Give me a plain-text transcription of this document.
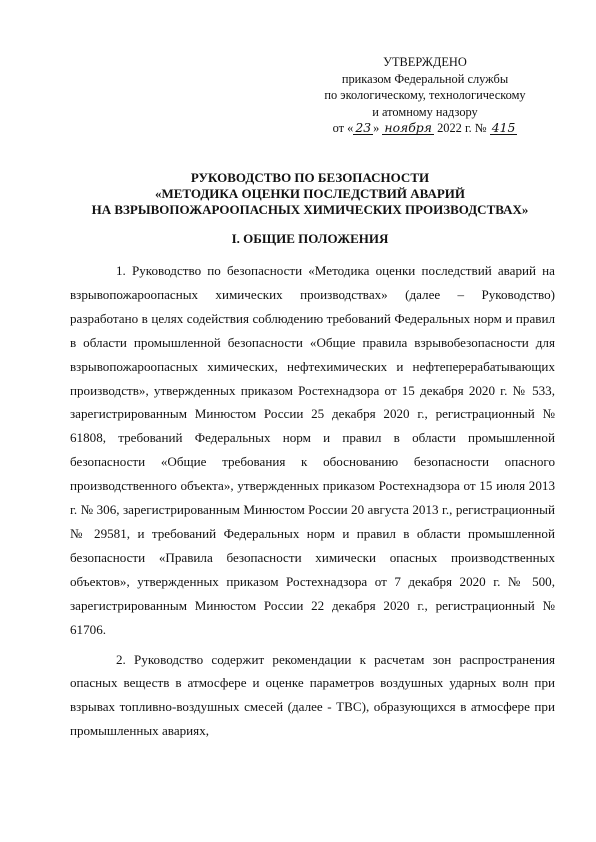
УТВЕРЖДЕНО
приказом Федеральной службы
по экологическому, технологическому
и атомному надзору
от « 23 » ноября 2022 г. № 415
РУКОВОДСТВО ПО БЕЗОПАСНОСТИ
«МЕТОДИКА ОЦЕНКИ ПОСЛЕДСТВИЙ АВАРИЙ
НА ВЗРЫВОПОЖАРООПАСНЫХ ХИМИЧЕСКИХ ПРОИЗВОДСТВАХ»
I. ОБЩИЕ ПОЛОЖЕНИЯ

1. Руководство по безопасности «Методика оценки последствий аварий на взрывопожароопасных химических производствах» (далее – Руководство) разработано в целях содействия соблюдению требований Федеральных норм и правил в области промышленной безопасности «Общие правила взрывобезопасности для взрывопожароопасных химических, нефтехимических и нефтеперерабатывающих производств», утвержденных приказом Ростехнадзора от 15 декабря 2020 г. № 533, зарегистрированным Минюстом России 25 декабря 2020 г., регистрационный № 61808, требований Федеральных норм и правил в области промышленной безопасности «Общие требования к обоснованию безопасности опасного производственного объекта», утвержденных приказом Ростехнадзора от 15 июля 2013 г. № 306, зарегистрированным Минюстом России 20 августа 2013 г., регистрационный № 29581, и требований Федеральных норм и правил в области промышленной безопасности «Правила безопасности химически опасных производственных объектов», утвержденных приказом Ростехнадзора от 7 декабря 2020 г. № 500, зарегистрированным Минюстом России 22 декабря 2020 г., регистрационный № 61706.

2. Руководство содержит рекомендации к расчетам зон распространения опасных веществ в атмосфере и оценке параметров воздушных ударных волн при взрывах топливно-воздушных смесей (далее - ТВС), образующихся в атмосфере при промышленных авариях,
